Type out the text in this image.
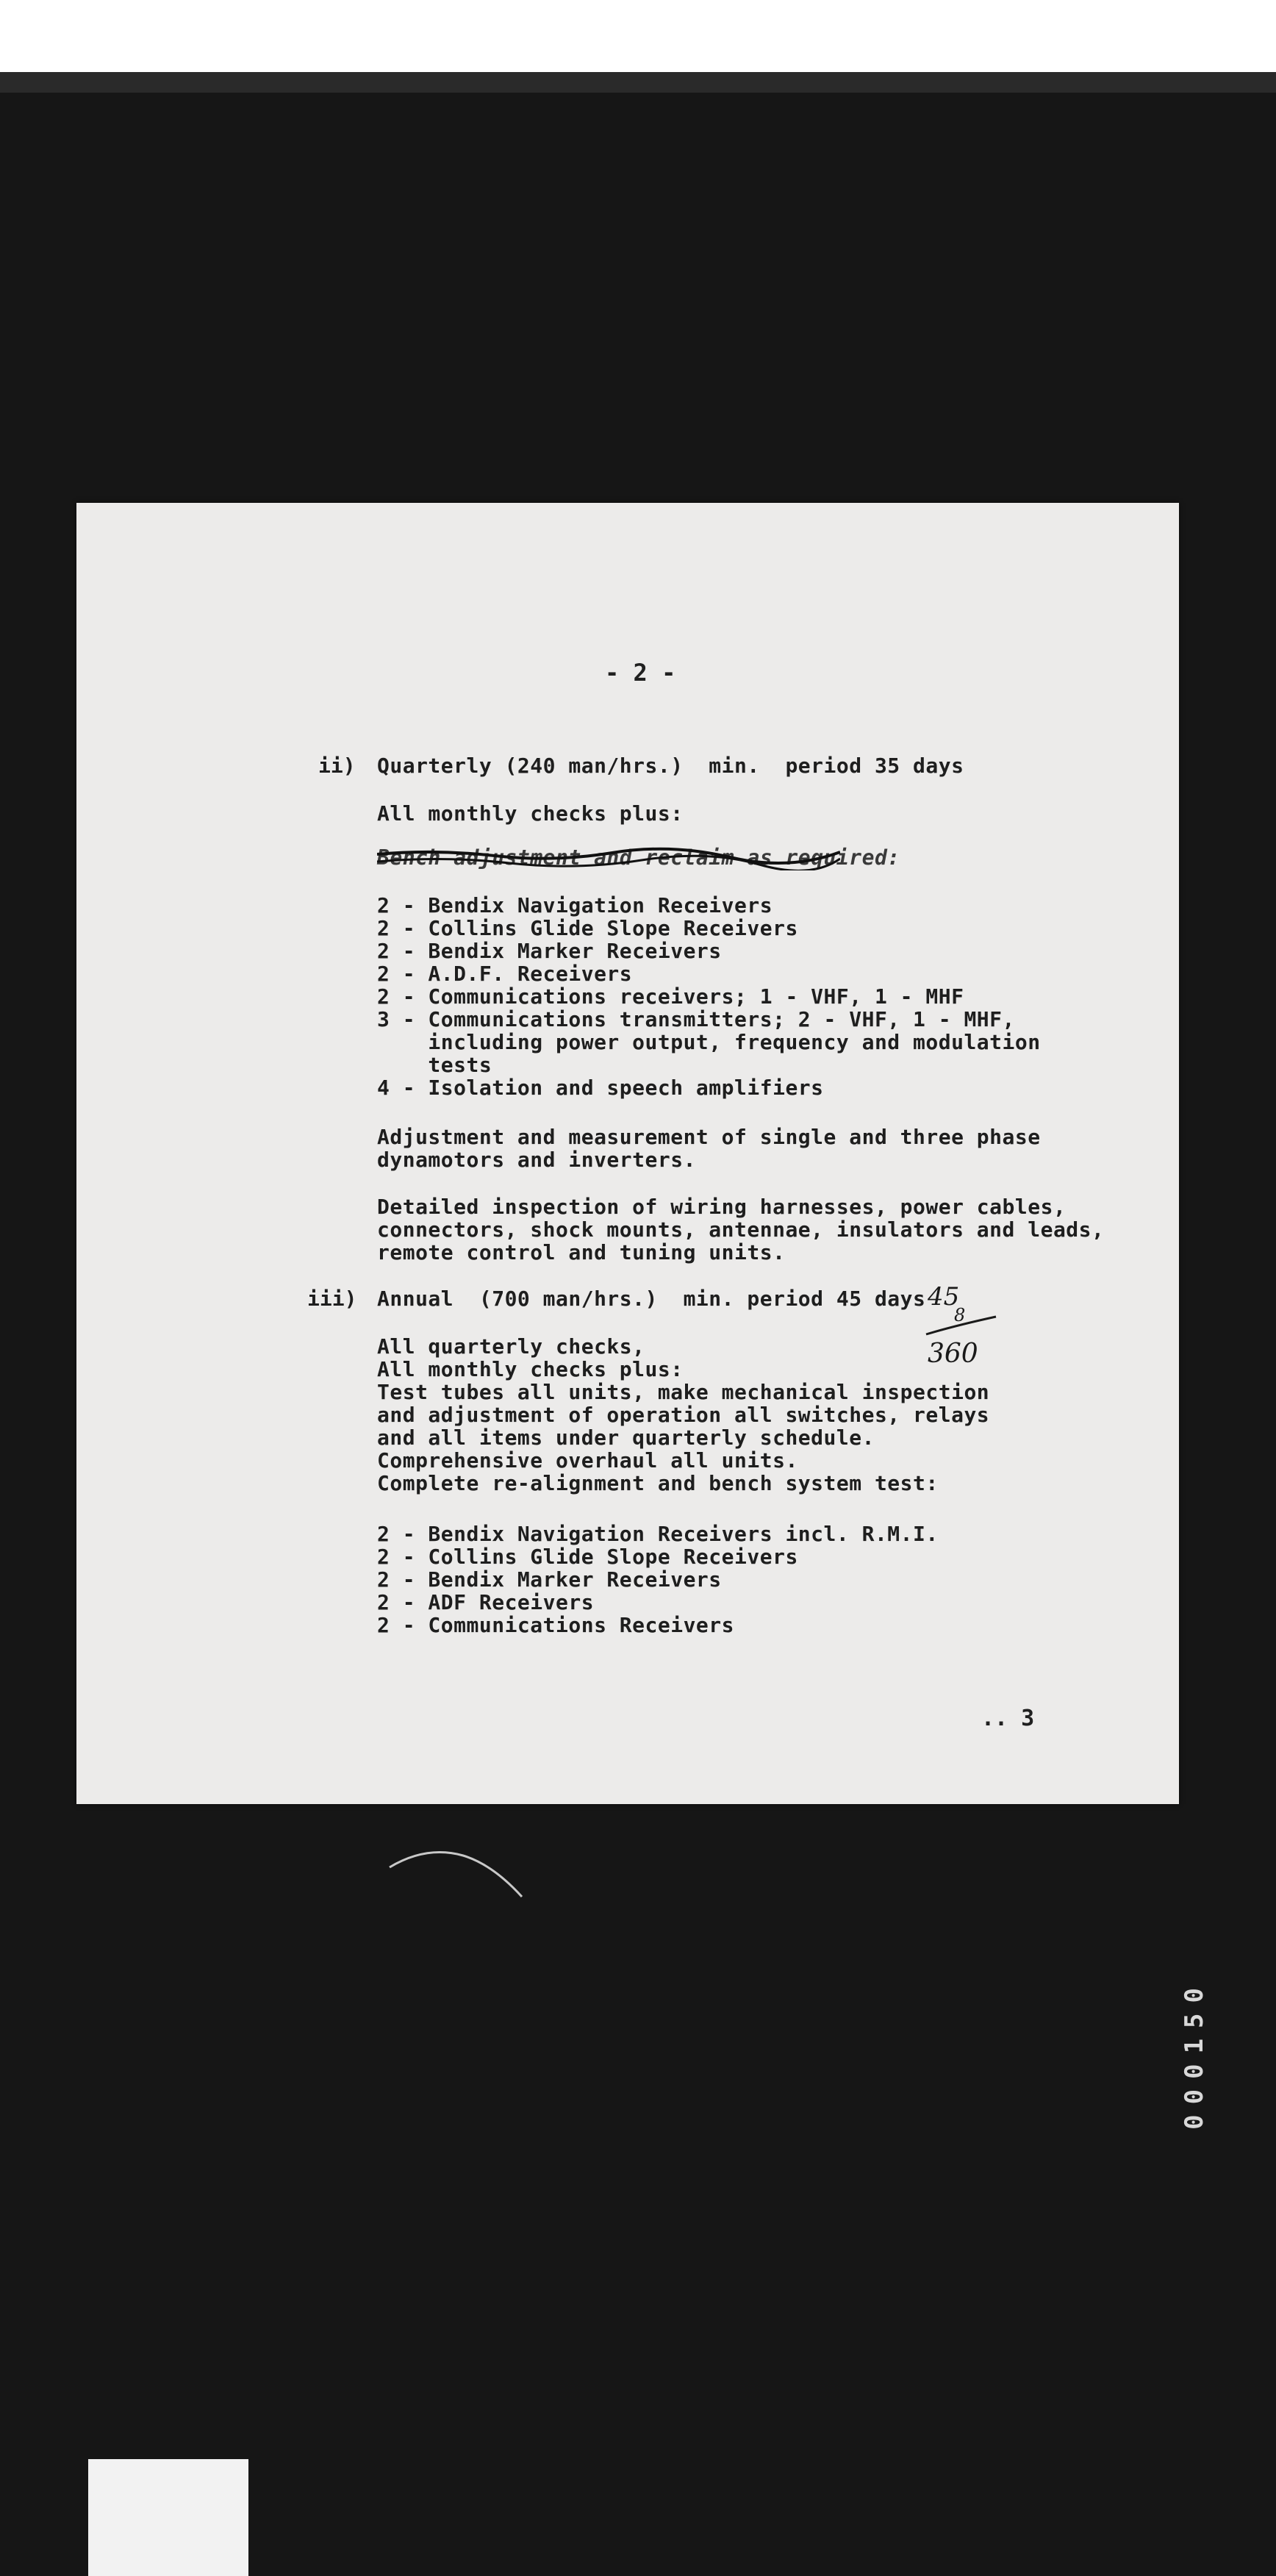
- 2 -
ii) Quarterly (240 man/hrs.)  min.  period 35 days
All monthly checks plus:
Bench adjustment and reclaim as required:
2 - Bendix Navigation Receivers
2 - Collins Glide Slope Receivers
2 - Bendix Marker Receivers
2 - A.D.F. Receivers
2 - Communications receivers; 1 - VHF, 1 - MHF
3 - Communications transmitters; 2 - VHF, 1 - MHF,
including power output, frequency and modulation
tests
4 - Isolation and speech amplifiers
Adjustment and measurement of single and three phase
dynamotors and inverters.
Detailed inspection of wiring harnesses, power cables,
connectors, shock mounts, antennae, insulators and leads,
remote control and tuning units.
iii) Annual  (700 man/hrs.)  min. period 45 days 45
8
360
All quarterly checks,
All monthly checks plus:
Test tubes all units, make mechanical inspection
and adjustment of operation all switches, relays
and all items under quarterly schedule.
Comprehensive overhaul all units.
Complete re-alignment and bench system test:
2 - Bendix Navigation Receivers incl. R.M.I.
2 - Collins Glide Slope Receivers
2 - Bendix Marker Receivers
2 - ADF Receivers
2 - Communications Receivers
.. 3
000150
